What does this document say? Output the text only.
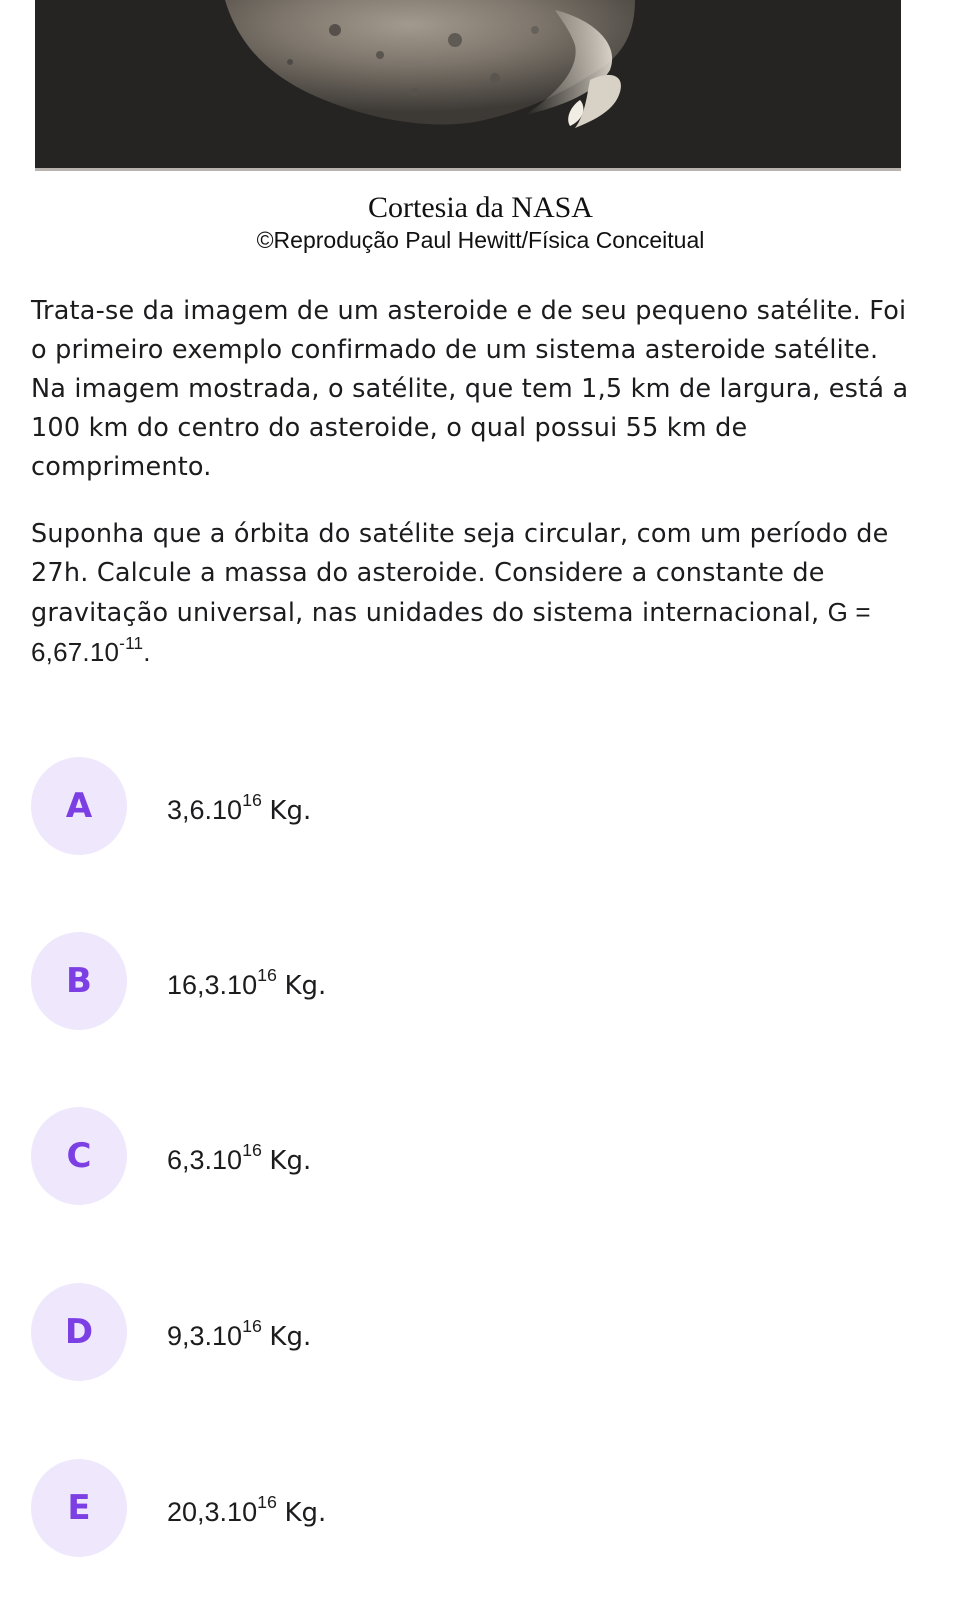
Cortesia da NASA
©Reprodução Paul Hewitt/Física Conceitual

Trata-se da imagem de um asteroide e de seu pequeno satélite. Foi o primeiro exemplo confirmado de um sistema asteroide satélite. Na imagem mostrada, o satélite, que tem 1,5 km de largura, está a 100 km do centro do asteroide, o qual possui 55 km de comprimento.

Suponha que a órbita do satélite seja circular, com um período de 27h. Calcule a massa do asteroide. Considere a constante de gravitação universal, nas unidades do sistema internacional, $G = 6,67.10^{-11}$.

A	3,6.10$^{16}$ Kg.
B	16,3.10$^{16}$ Kg.
C	6,3.10$^{16}$ Kg.
D	9,3.10$^{16}$ Kg.
E	20,3.10$^{16}$ Kg.
